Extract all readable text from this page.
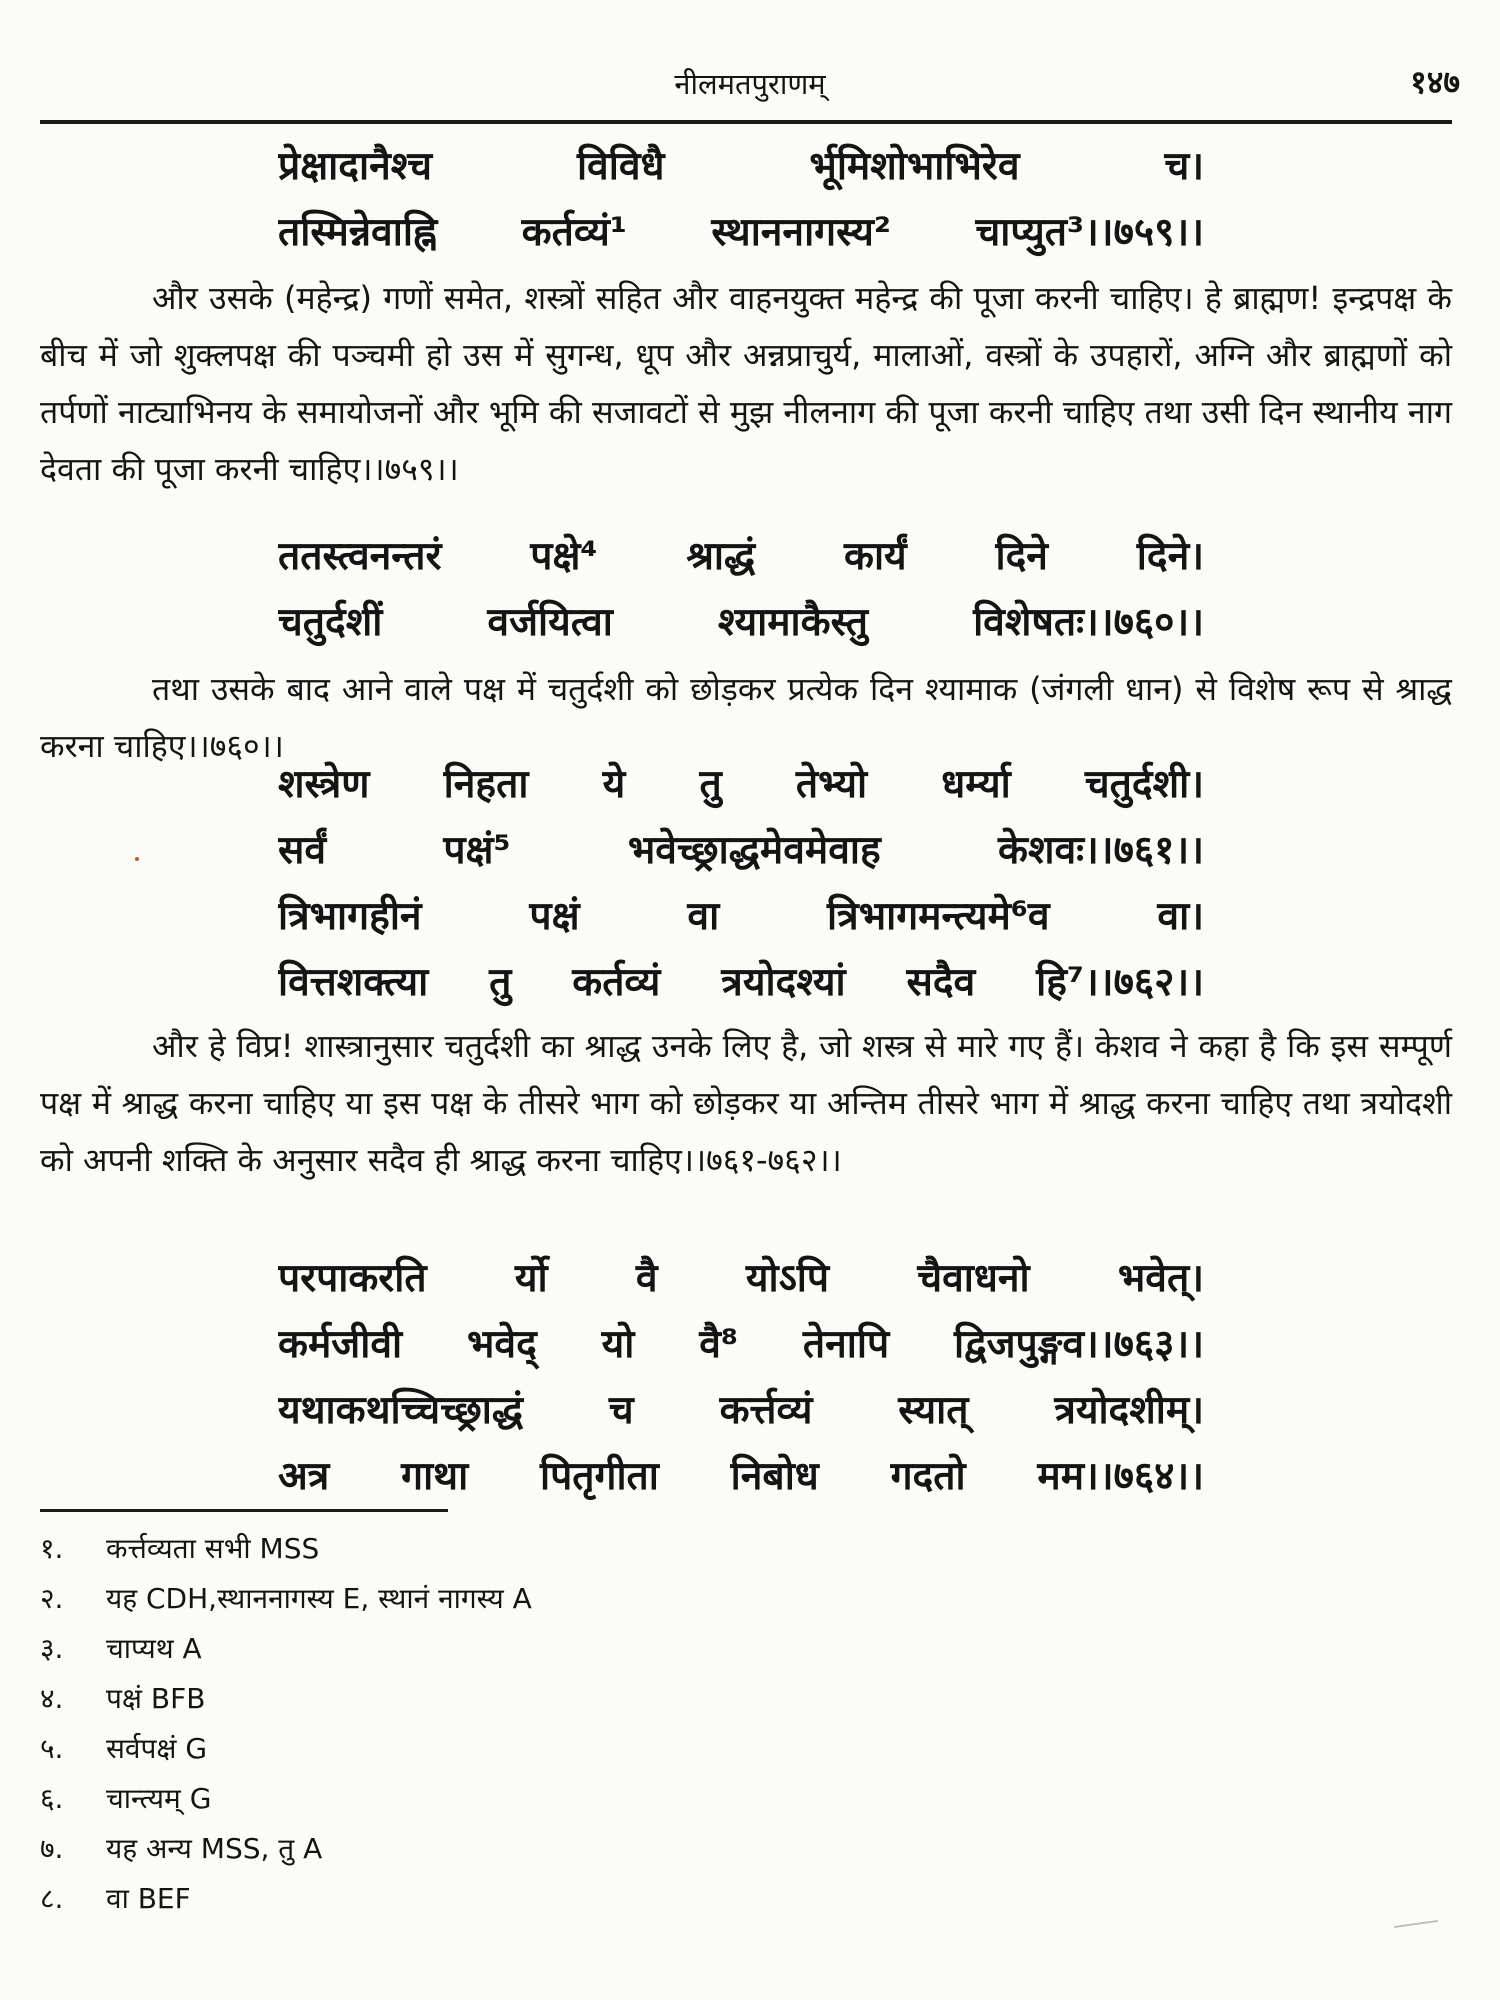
नीलमतपुराणम्	१४७
प्रेक्षादानैश्च विविधै र्भूमिशोभाभिरेव च।
तस्मिन्नेवाह्नि कर्तव्यं¹ स्थाननागस्य² चाप्युत³।।७५९।।

और उसके (महेन्द्र) गणों समेत, शस्त्रों सहित और वाहनयुक्त महेन्द्र की पूजा करनी चाहिए। हे ब्राह्मण! इन्द्रपक्ष के बीच में जो शुक्लपक्ष की पञ्चमी हो उस में सुगन्ध, धूप और अन्नप्राचुर्य, मालाओं, वस्त्रों के उपहारों, अग्नि और ब्राह्मणों को तर्पणों नाट्याभिनय के समायोजनों और भूमि की सजावटों से मुझ नीलनाग की पूजा करनी चाहिए तथा उसी दिन स्थानीय नाग देवता की पूजा करनी चाहिए।।७५९।।

ततस्त्वनन्तरं पक्षे⁴ श्राद्धं कार्यं दिने दिने।
चतुर्दशीं वर्जयित्वा श्यामाकैस्तु विशेषतः।।७६०।।

तथा उसके बाद आने वाले पक्ष में चतुर्दशी को छोड़कर प्रत्येक दिन श्यामाक (जंगली धान) से विशेष रूप से श्राद्ध करना चाहिए।।७६०।।

शस्त्रेण निहता ये तु तेभ्यो धर्म्या चतुर्दशी।
सर्वं पक्षं⁵ भवेच्छ्राद्धमेवमेवाह केशवः।।७६१।।
त्रिभागहीनं पक्षं वा त्रिभागमन्त्यमे⁶व वा।
वित्तशक्त्या तु कर्तव्यं त्रयोदश्यां सदैव हि⁷।।७६२।।

और हे विप्र! शास्त्रानुसार चतुर्दशी का श्राद्ध उनके लिए है, जो शस्त्र से मारे गए हैं। केशव ने कहा है कि इस सम्पूर्ण पक्ष में श्राद्ध करना चाहिए या इस पक्ष के तीसरे भाग को छोड़कर या अन्तिम तीसरे भाग में श्राद्ध करना चाहिए तथा त्रयोदशी को अपनी शक्ति के अनुसार सदैव ही श्राद्ध करना चाहिए।।७६१-७६२।।

परपाकरति र्यो वै योऽपि चैवाधनो भवेत्।
कर्मजीवी भवेद् यो वै⁸ तेनापि द्विजपुङ्गव।।७६३।।
यथाकथच्चिच्छ्राद्धं च कर्त्तव्यं स्यात् त्रयोदशीम्।
अत्र गाथा पितृगीता निबोध गदतो मम।।७६४।।
१. कर्त्तव्यता सभी MSS
२. यह CDH,स्थाननागस्य E, स्थानं नागस्य A
३. चाप्यथ A
४. पक्षं BFB
५. सर्वपक्षं G
६. चान्त्यम् G
७. यह अन्य MSS, तु A
८. वा BEF
